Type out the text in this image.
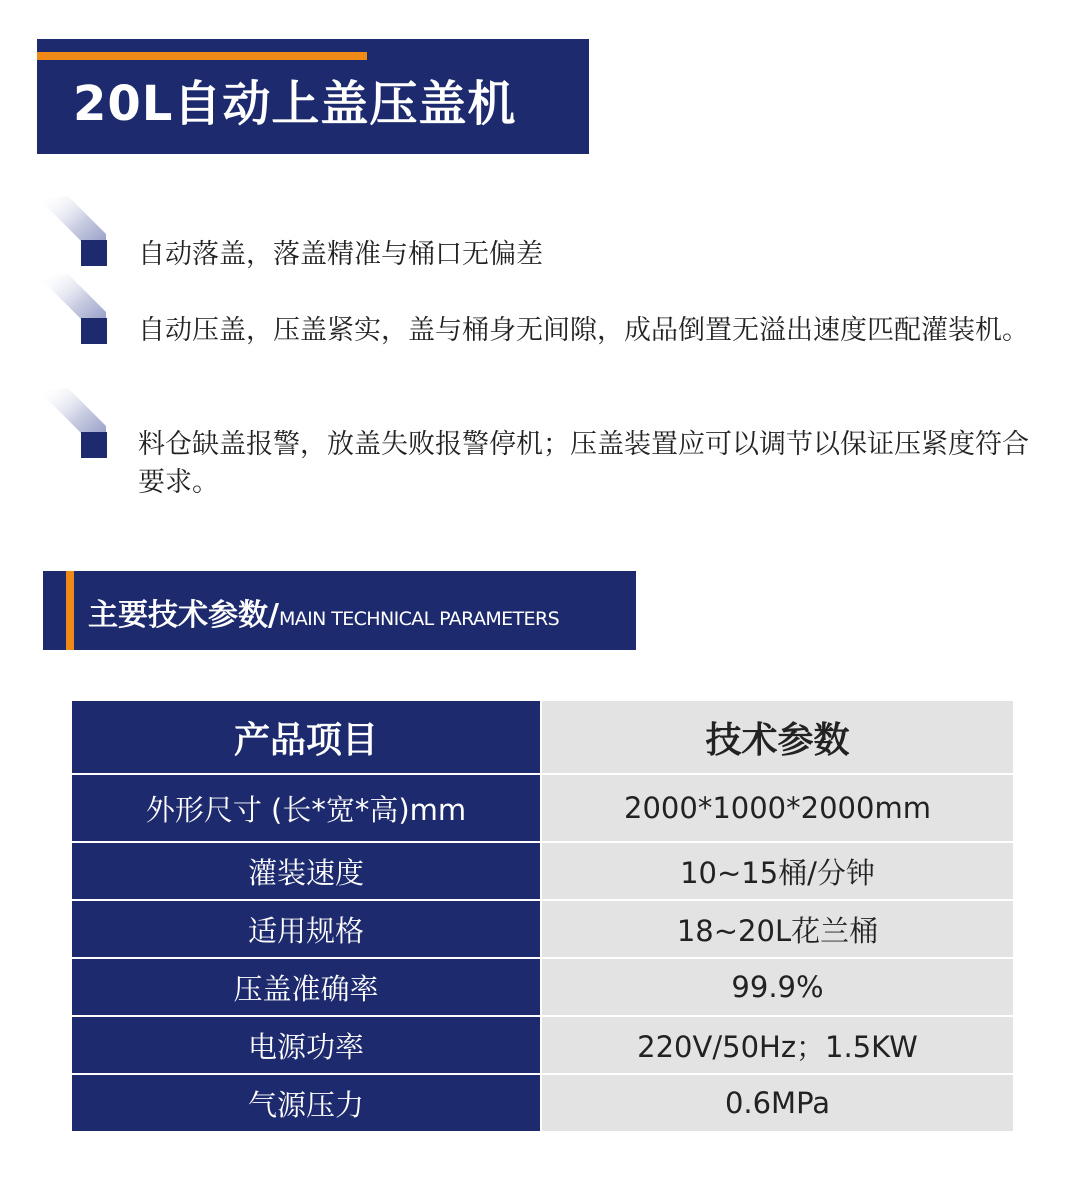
20L自动上盖压盖机
自动落盖，落盖精准与桶口无偏差
自动压盖，压盖紧实，盖与桶身无间隙，成品倒置无溢出速度匹配灌装机。
料仓缺盖报警，放盖失败报警停机；压盖装置应可以调节以保证压紧度符合要求。
主要技术参数/MAIN TECHNICAL PARAMETERS
产品项目	技术参数
外形尺寸 (长*宽*高)mm	2000*1000*2000mm
灌装速度	10~15桶/分钟
适用规格	18~20L花兰桶
压盖准确率	99.9%
电源功率	220V/50Hz；1.5KW
气源压力	0.6MPa
